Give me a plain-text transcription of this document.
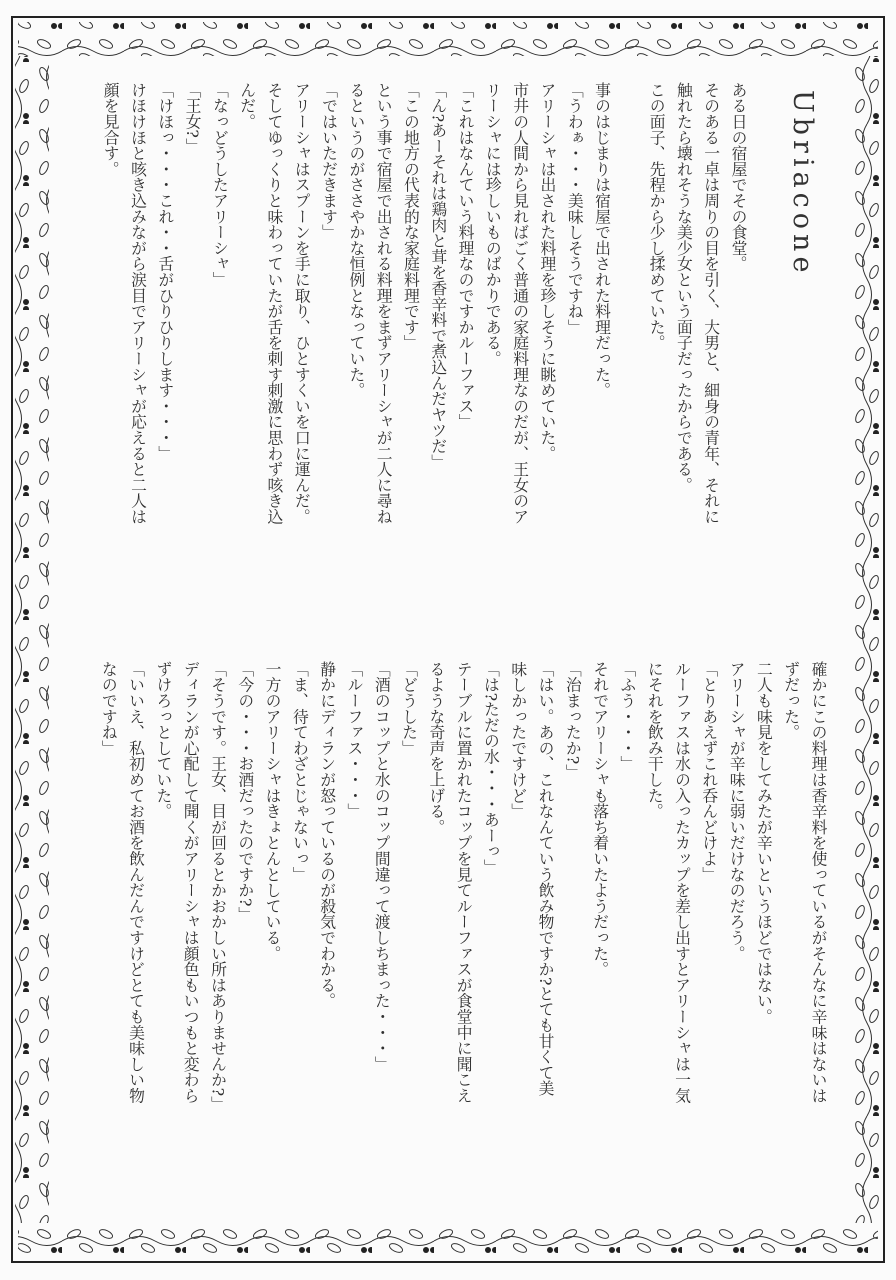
Ubriacone
ある日の宿屋でその食堂。
そのある一卓は周りの目を引く、大男と、細身の青年、それに
触れたら壊れそうな美少女という面子だったからである。
この面子、先程から少し揉めていた。
事のはじまりは宿屋で出された料理だった。
「うわぁ・・・美味しそうですね」
アリーシャは出された料理を珍しそうに眺めていた。
市井の人間から見ればごく普通の家庭料理なのだが、王女のア
リーシャには珍しいものばかりである。
「これはなんていう料理なのですかルーファス」
「ん?あーそれは鶏肉と茸を香辛料で煮込んだヤツだ」
「この地方の代表的な家庭料理です」
という事で宿屋で出される料理をまずアリーシャが二人に尋ね
るというのがささやかな恒例となっていた。
「ではいただきます」
アリーシャはスプーンを手に取り、ひとすくいを口に運んだ。
そしてゆっくりと味わっていたが舌を刺す刺激に思わず咳き込
んだ。
「なっどうしたアリーシャ」
「王女?」
「けほっ・・・これ・・舌がひりひりします・・・」
けほけほと咳き込みながら涙目でアリーシャが応えると二人は
顔を見合す。
確かにこの料理は香辛料を使っているがそんなに辛味はないは
ずだった。
二人も味見をしてみたが辛いというほどではない。
アリーシャが辛味に弱いだけなのだろう。
「とりあえずこれ呑んどけよ」
ルーファスは水の入ったカップを差し出すとアリーシャは一気
にそれを飲み干した。
「ふう・・・」
それでアリーシャも落ち着いたようだった。
「治まったか?」
「はい。あの、これなんていう飲み物ですか?とても甘くて美
味しかったですけど」
「は?ただの水・・・あーっ」
テーブルに置かれたコップを見てルーファスが食堂中に聞こえ
るような奇声を上げる。
「どうした」
「酒のコップと水のコップ間違って渡しちまった・・・」
「ルーファス・・・」
静かにディランが怒っているのが殺気でわかる。
「ま、待てわざとじゃないっ」
一方のアリーシャはきょとんとしている。
「今の・・・お酒だったのですか?」
「そうです。王女、目が回るとかおかしい所はありませんか?」
ディランが心配して聞くがアリーシャは顔色もいつもと変わら
ずけろっとしていた。
「いいえ、私初めてお酒を飲んだんですけどとても美味しい物
なのですね」
